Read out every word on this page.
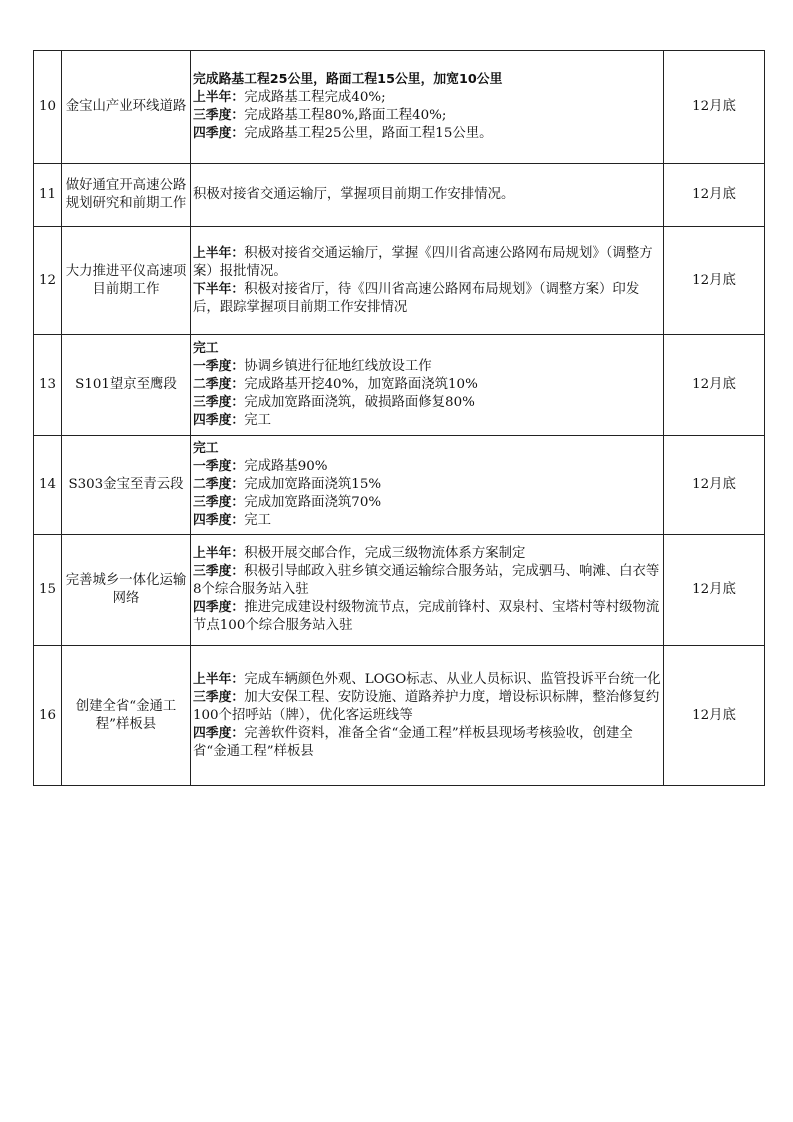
10	金宝山产业环线道路	完成路基工程25公里，路面工程15公里，加宽10公里

上半年：完成路基工程完成40%;

三季度：完成路基工程80%,路面工程40%;

四季度：完成路基工程25公里，路面工程15公里。	12月底
11	做好通宜开高速公路规划研究和前期工作	积极对接省交通运输厅，掌握项目前期工作安排情况。	12月底
12	大力推进平仪高速项目前期工作	上半年：积极对接省交通运输厅，掌握《四川省高速公路网布局规划》（调整方案）报批情况。

下半年：积极对接省厅，待《四川省高速公路网布局规划》（调整方案）印发后，跟踪掌握项目前期工作安排情况	12月底
13	S101望京至鹰段	完工

一季度：协调乡镇进行征地红线放设工作

二季度：完成路基开挖40%，加宽路面浇筑10%

三季度：完成加宽路面浇筑，破损路面修复80%

四季度：完工	12月底
14	S303金宝至青云段	完工

一季度：完成路基90%

二季度：完成加宽路面浇筑15%

三季度：完成加宽路面浇筑70%

四季度：完工	12月底
15	完善城乡一体化运输网络	上半年：积极开展交邮合作，完成三级物流体系方案制定

三季度：积极引导邮政入驻乡镇交通运输综合服务站，完成驷马、响滩、白衣等8个综合服务站入驻

四季度：推进完成建设村级物流节点，完成前锋村、双泉村、宝塔村等村级物流节点100个综合服务站入驻	12月底
16	创建全省“金通工程”样板县	上半年：完成车辆颜色外观、LOGO标志、从业人员标识、监管投诉平台统一化

三季度：加大安保工程、安防设施、道路养护力度，增设标识标牌，整治修复约100个招呼站（牌），优化客运班线等

四季度：完善软件资料，准备全省“金通工程”样板县现场考核验收，创建全省“金通工程”样板县	12月底
